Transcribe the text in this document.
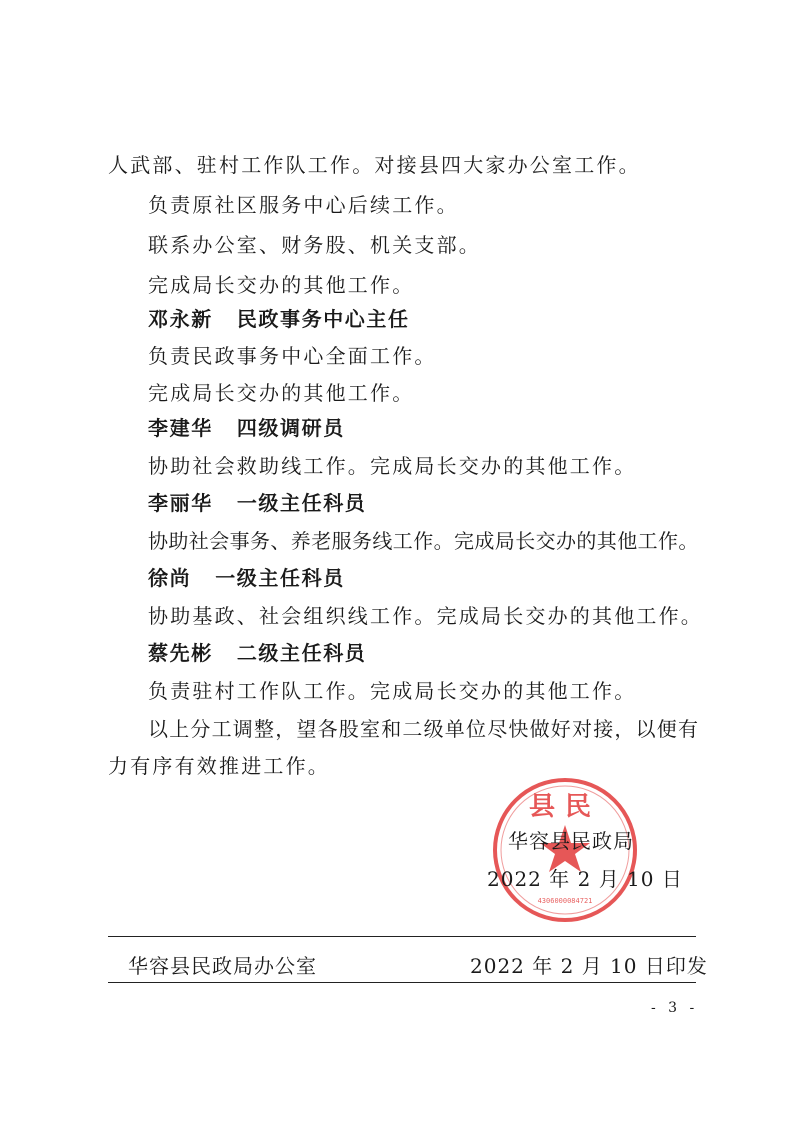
人武部、驻村工作队工作。对接县四大家办公室工作。
负责原社区服务中心后续工作。
联系办公室、财务股、机关支部。
完成局长交办的其他工作。
邓永新 民政事务中心主任
负责民政事务中心全面工作。
完成局长交办的其他工作。
李建华 四级调研员
协助社会救助线工作。完成局长交办的其他工作。
李丽华 一级主任科员
协助社会事务、养老服务线工作。完成局长交办的其他工作。
徐尚 一级主任科员
协助基政、社会组织线工作。完成局长交办的其他工作。
蔡先彬 二级主任科员
负责驻村工作队工作。完成局长交办的其他工作。
以上分工调整，望各股室和二级单位尽快做好对接，以便有
力有序有效推进工作。
县民
4306000084721
华容县民政局
2022 年 2 月 10 日
华容县民政局办公室	2022 年 2 月 10 日印发
- 3 -
